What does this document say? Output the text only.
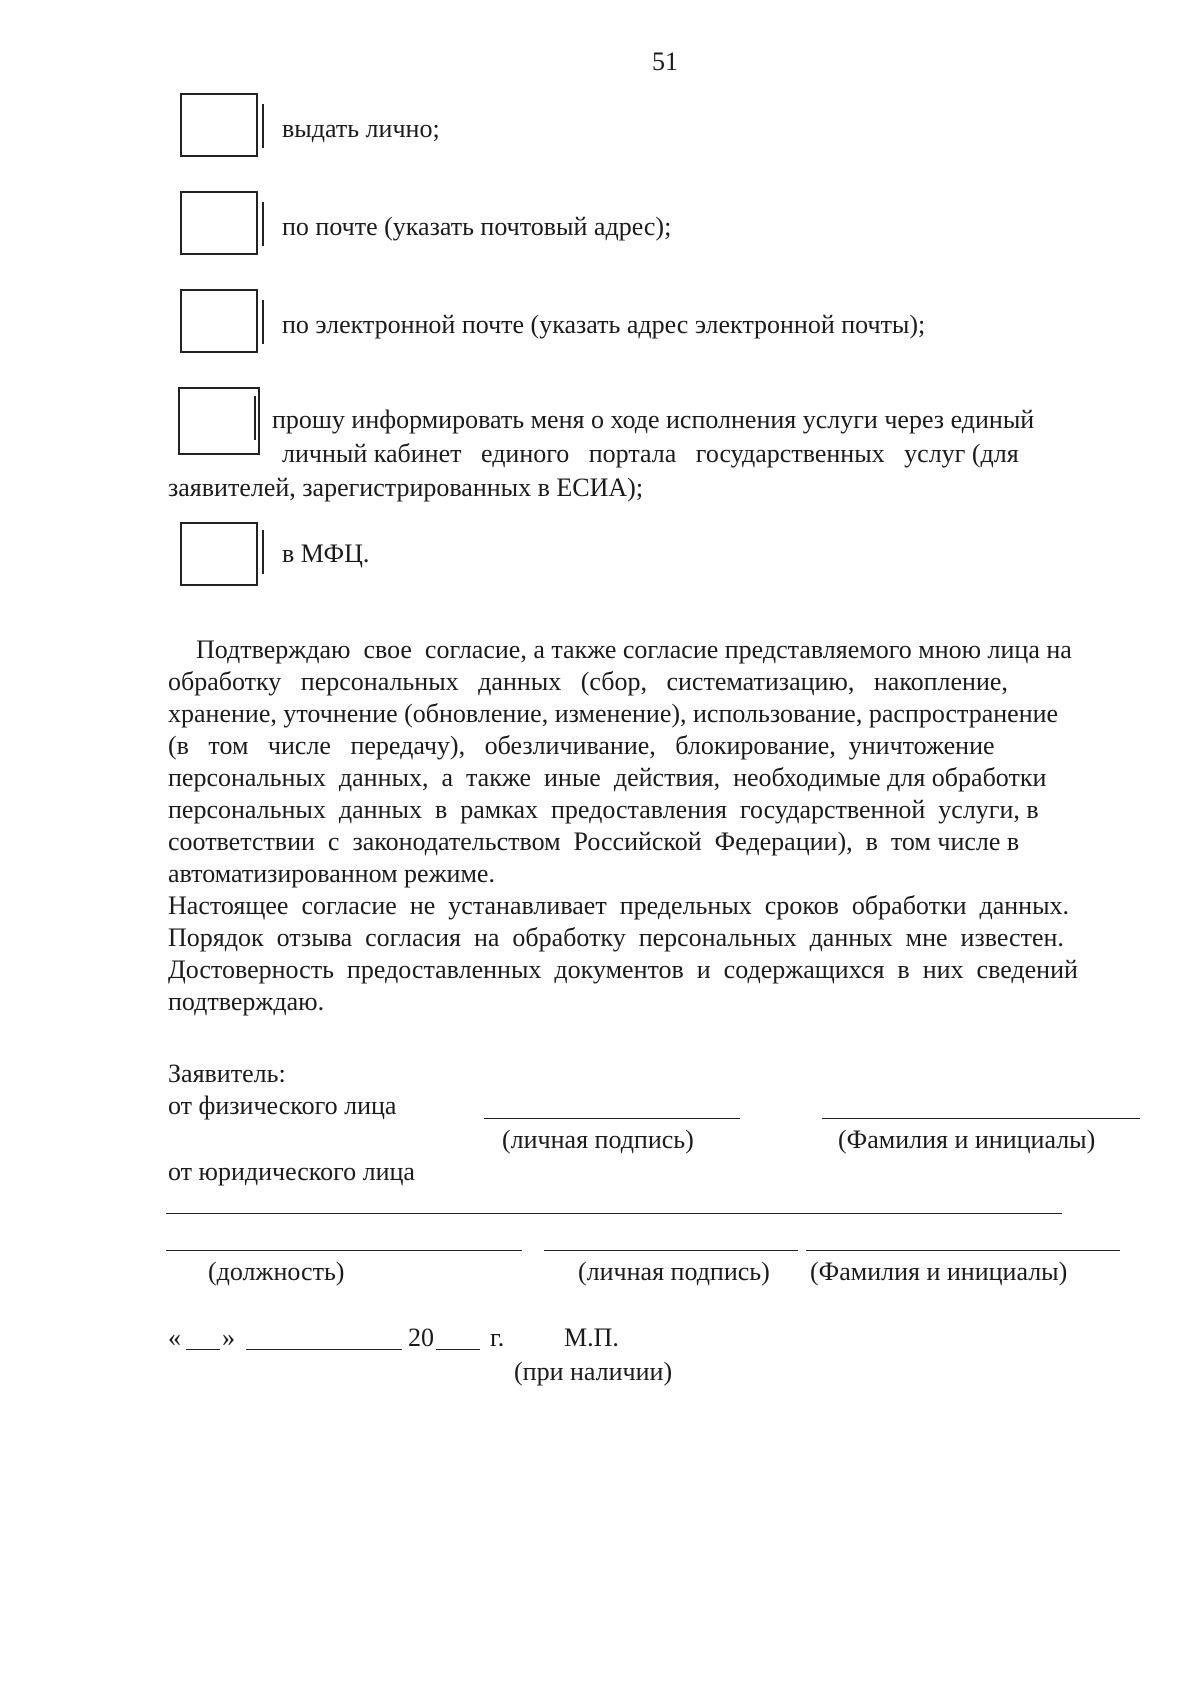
51
выдать лично;
по почте (указать почтовый адрес);
по электронной почте (указать адрес электронной почты);
прошу информировать меня о ходе исполнения услуги через единый
личный кабинет   единого   портала   государственных   услуг (для
заявителей, зарегистрированных в ЕСИА);
в МФЦ.
Подтверждаю  свое  согласие, а также согласие представляемого мною лица на
обработку   персональных   данных   (сбор,   систематизацию,   накопление,
хранение, уточнение (обновление, изменение), использование, распространение
(в   том   числе   передачу),   обезличивание,   блокирование,  уничтожение
персональных  данных,  а  также  иные  действия,  необходимые для обработки
персональных  данных  в  рамках  предоставления  государственной  услуги, в
соответствии  с  законодательством  Российской  Федерации),  в  том числе в
автоматизированном режиме.
Настоящее  согласие  не  устанавливает  предельных  сроков  обработки  данных.
Порядок  отзыва  согласия  на  обработку  персональных  данных  мне  известен.
Достоверность  предоставленных  документов  и  содержащихся  в  них  сведений
подтверждаю.
Заявитель:
от физического лица
(личная подпись)	(Фамилия и инициалы)
от юридического лица
(должность)	(личная подпись) (Фамилия и инициалы)
« »	20 г. М.П.
(при наличии)
